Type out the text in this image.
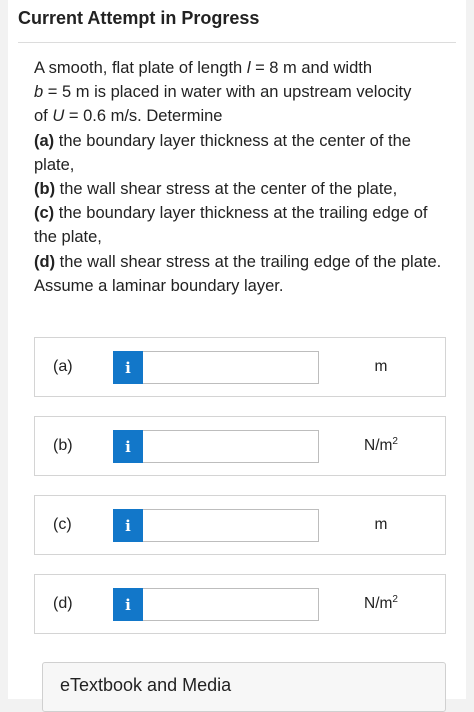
Current Attempt in Progress

A smooth, flat plate of length l = 8 m and width
b = 5 m is placed in water with an upstream velocity
of U = 0.6 m/s. Determine

(a) the boundary layer thickness at the center of the plate,

(b) the wall shear stress at the center of the plate,

(c) the boundary layer thickness at the trailing edge of the plate,

(d) the wall shear stress at the trailing edge of the plate.

Assume a laminar boundary layer.

(a)	i	m
(b)	i	$N/m^2$
(c)	i	m
(d)	i	$N/m^2$
eTextbook and Media
